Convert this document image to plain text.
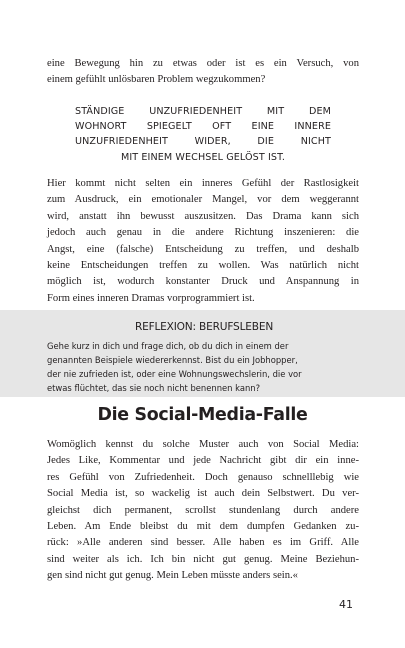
eine Bewegung hin zu etwas oder ist es ein Versuch, von
einem gefühlt unlösbaren Problem wegzukommen?
STÄNDIGE UNZUFRIEDENHEIT MIT DEM
WOHNORT SPIEGELT OFT EINE INNERE
UNZUFRIEDENHEIT WIDER, DIE NICHT
MIT EINEM WECHSEL GELÖST IST.
Hier kommt nicht selten ein inneres Gefühl der Rastlosigkeit
zum Ausdruck, ein emotionaler Mangel, vor dem weggerannt
wird, anstatt ihn bewusst auszusitzen. Das Drama kann sich
jedoch auch genau in die andere Richtung inszenieren: die
Angst, eine (falsche) Entscheidung zu treffen, und deshalb
keine Entscheidungen treffen zu wollen. Was natürlich nicht
möglich ist, wodurch konstanter Druck und Anspannung in
Form eines inneren Dramas vorprogrammiert ist.
REFLEXION: BERUFSLEBEN
Gehe kurz in dich und frage dich, ob du dich in einem der
genannten Beispiele wiedererkennst. Bist du ein Jobhopper,
der nie zufrieden ist, oder eine Wohnungswechslerin, die vor
etwas flüchtet, das sie noch nicht benennen kann?
Die Social-Media-Falle
Womöglich kennst du solche Muster auch von Social Media:
Jedes Like, Kommentar und jede Nachricht gibt dir ein inne-
res Gefühl von Zufriedenheit. Doch genauso schnelllebig wie
Social Media ist, so wackelig ist auch dein Selbstwert. Du ver-
gleichst dich permanent, scrollst stundenlang durch andere
Leben. Am Ende bleibst du mit dem dumpfen Gedanken zu-
rück: »Alle anderen sind besser. Alle haben es im Griff. Alle
sind weiter als ich. Ich bin nicht gut genug. Meine Beziehun-
gen sind nicht gut genug. Mein Leben müsste anders sein.«
41
